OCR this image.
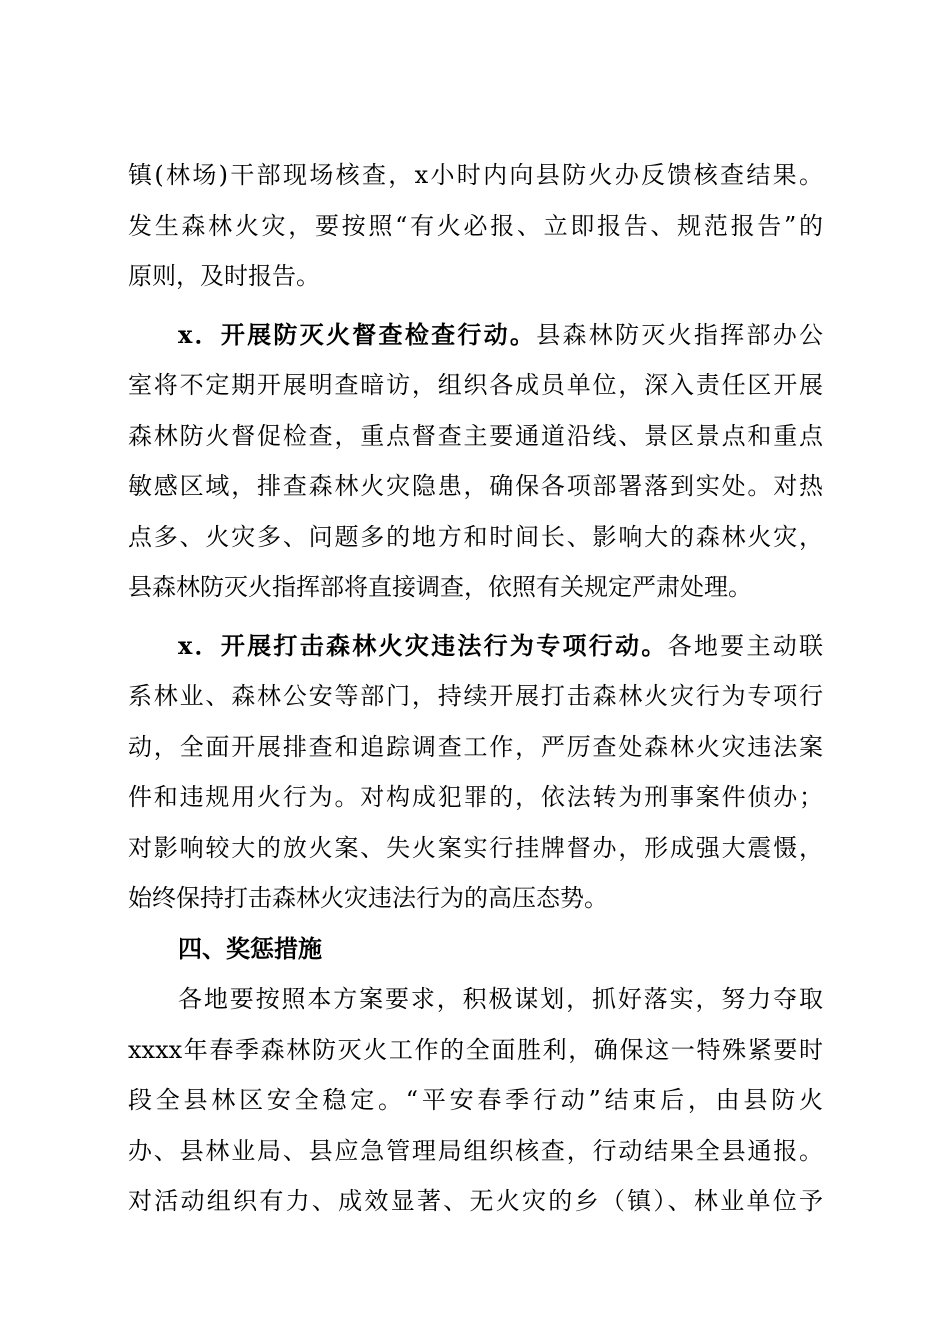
镇(林场)干部现场核查，x小时内向县防火办反馈核查结果。
发生森林火灾，要按照“有火必报、立即报告、规范报告”的
原则，及时报告。
x．开展防灭火督查检查行动。县森林防灭火指挥部办公
室将不定期开展明查暗访，组织各成员单位，深入责任区开展
森林防火督促检查，重点督查主要通道沿线、景区景点和重点
敏感区域，排查森林火灾隐患，确保各项部署落到实处。对热
点多、火灾多、问题多的地方和时间长、影响大的森林火灾，
县森林防灭火指挥部将直接调查，依照有关规定严肃处理。
x．开展打击森林火灾违法行为专项行动。各地要主动联
系林业、森林公安等部门，持续开展打击森林火灾行为专项行
动，全面开展排查和追踪调查工作，严厉查处森林火灾违法案
件和违规用火行为。对构成犯罪的，依法转为刑事案件侦办；
对影响较大的放火案、失火案实行挂牌督办，形成强大震慑，
始终保持打击森林火灾违法行为的高压态势。
四、奖惩措施
各地要按照本方案要求，积极谋划，抓好落实，努力夺取
xxxx年春季森林防灭火工作的全面胜利，确保这一特殊紧要时
段全县林区安全稳定。“平安春季行动”结束后，由县防火
办、县林业局、县应急管理局组织核查，行动结果全县通报。
对活动组织有力、成效显著、无火灾的乡（镇）、林业单位予
